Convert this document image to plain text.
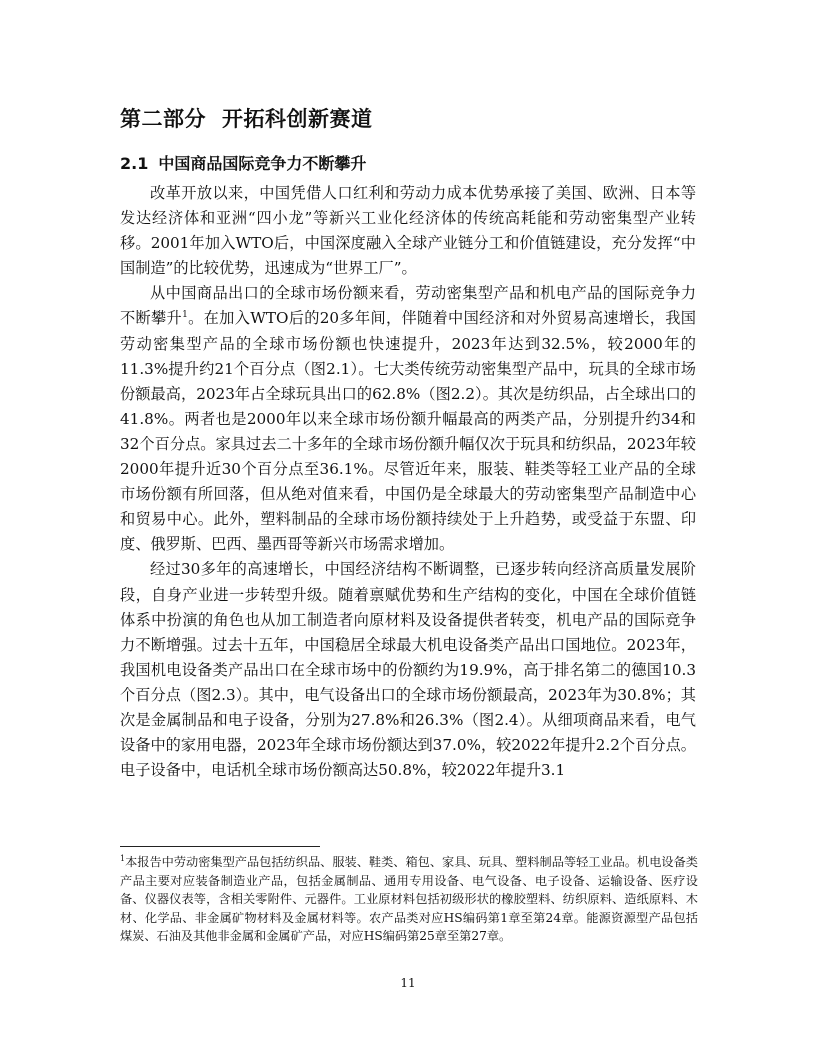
第二部分 开拓科创新赛道
2.1 中国商品国际竞争力不断攀升

改革开放以来，中国凭借人口红利和劳动力成本优势承接了美国、欧洲、日本等发达经济体和亚洲“四小龙”等新兴工业化经济体的传统高耗能和劳动密集型产业转移。2001年加入WTO后，中国深度融入全球产业链分工和价值链建设，充分发挥“中国制造”的比较优势，迅速成为“世界工厂”。

从中国商品出口的全球市场份额来看，劳动密集型产品和机电产品的国际竞争力不断攀升$^1$。在加入WTO后的20多年间，伴随着中国经济和对外贸易高速增长，我国劳动密集型产品的全球市场份额也快速提升，2023年达到32.5%，较2000年的11.3%提升约21个百分点（图2.1）。七大类传统劳动密集型产品中，玩具的全球市场份额最高，2023年占全球玩具出口的62.8%（图2.2）。其次是纺织品，占全球出口的41.8%。两者也是2000年以来全球市场份额升幅最高的两类产品，分别提升约34和32个百分点。家具过去二十多年的全球市场份额升幅仅次于玩具和纺织品，2023年较2000年提升近30个百分点至36.1%。尽管近年来，服装、鞋类等轻工业产品的全球市场份额有所回落，但从绝对值来看，中国仍是全球最大的劳动密集型产品制造中心和贸易中心。此外，塑料制品的全球市场份额持续处于上升趋势，或受益于东盟、印度、俄罗斯、巴西、墨西哥等新兴市场需求增加。

经过30多年的高速增长，中国经济结构不断调整，已逐步转向经济高质量发展阶段，自身产业进一步转型升级。随着禀赋优势和生产结构的变化，中国在全球价值链体系中扮演的角色也从加工制造者向原材料及设备提供者转变，机电产品的国际竞争力不断增强。过去十五年，中国稳居全球最大机电设备类产品出口国地位。2023年，我国机电设备类产品出口在全球市场中的份额约为19.9%，高于排名第二的德国10.3个百分点（图2.3）。其中，电气设备出口的全球市场份额最高，2023年为30.8%；其次是金属制品和电子设备，分别为27.8%和26.3%（图2.4）。从细项商品来看，电气设备中的家用电器，2023年全球市场份额达到37.0%，较2022年提升2.2个百分点。电子设备中，电话机全球市场份额高达50.8%，较2022年提升3.1

$^1$本报告中劳动密集型产品包括纺织品、服装、鞋类、箱包、家具、玩具、塑料制品等轻工业品。机电设备类产品主要对应装备制造业产品，包括金属制品、通用专用设备、电气设备、电子设备、运输设备、医疗设备、仪器仪表等，含相关零附件、元器件。工业原材料包括初级形状的橡胶塑料、纺织原料、造纸原料、木材、化学品、非金属矿物材料及金属材料等。农产品类对应HS编码第1章至第24章。能源资源型产品包括煤炭、石油及其他非金属和金属矿产品，对应HS编码第25章至第27章。

11
